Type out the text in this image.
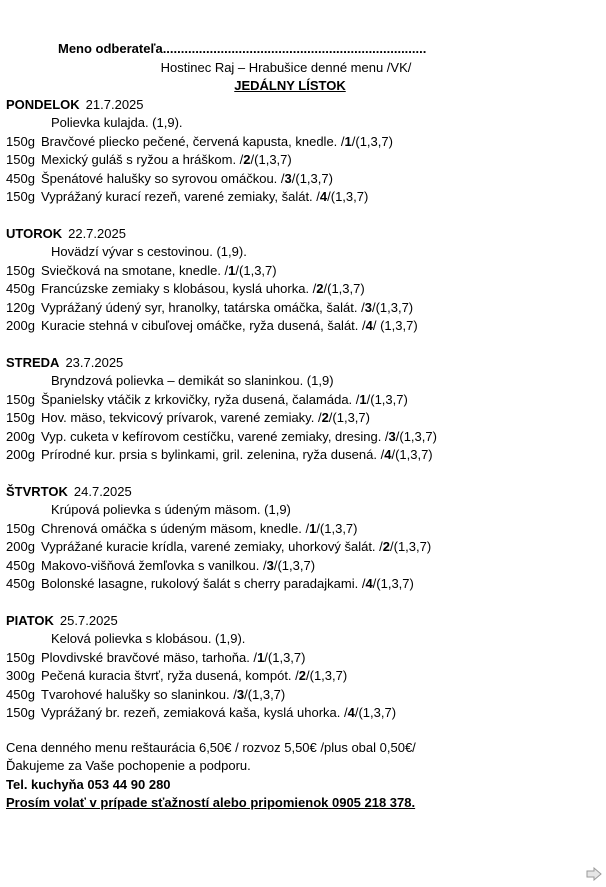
Meno odberateľa.........................................................................
Hostinec Raj – Hrabušice denné menu /VK/
JEDÁLNY LÍSTOK
PONDELOK 21.7.2025
Polievka kulajda. (1,9).
150g Bravčové pliecko pečené, červená kapusta, knedle. /1/(1,3,7)
150g Mexický guláš s ryžou a hráškom. /2/(1,3,7)
450g Špenátové halušky so syrovou omáčkou. /3/(1,3,7)
150g Vyprážaný kurací rezeň, varené zemiaky, šalát. /4/(1,3,7)
UTOROK 22.7.2025
Hovädzí vývar s cestovinou. (1,9).
150g Sviečková na smotane, knedle. /1/(1,3,7)
450g Francúzske zemiaky s klobásou, kyslá uhorka. /2/(1,3,7)
120g Vyprážaný údený syr, hranolky, tatárska omáčka, šalát. /3/(1,3,7)
200g Kuracie stehná v cibuľovej omáčke, ryža dusená, šalát. /4/ (1,3,7)
STREDA 23.7.2025
Bryndzová polievka – demikát so slaninkou. (1,9)
150g Španielsky vtáčik z krkovičky, ryža dusená, čalamáda. /1/(1,3,7)
150g Hov. mäso, tekvicový prívarok, varené zemiaky. /2/(1,3,7)
200g Vyp. cuketa v kefírovom cestíčku, varené zemiaky, dresing. /3/(1,3,7)
200g Prírodné kur. prsia s bylinkami, gril. zelenina, ryža dusená. /4/(1,3,7)
ŠTVRTOK 24.7.2025
Krúpová polievka s údeným mäsom. (1,9)
150g Chrenová omáčka s údeným mäsom, knedle. /1/(1,3,7)
200g Vyprážané kuracie krídla, varené zemiaky, uhorkový šalát. /2/(1,3,7)
450g Makovo-višňová žemľovka s vanilkou. /3/(1,3,7)
450g Bolonské lasagne, rukolový šalát s cherry paradajkami. /4/(1,3,7)
PIATOK 25.7.2025
Kelová polievka s klobásou. (1,9).
150g Plovdivské bravčové mäso, tarhoňa. /1/(1,3,7)
300g Pečená kuracia štvrť, ryža dusená, kompót. /2/(1,3,7)
450g Tvarohové halušky so slaninkou. /3/(1,3,7)
150g Vyprážaný br. rezeň, zemiaková kaša, kyslá uhorka. /4/(1,3,7)
Cena denného menu reštaurácia 6,50€ / rozvoz 5,50€ /plus obal 0,50€/
Ďakujeme za Vaše pochopenie a podporu.
Tel. kuchyňa 053 44 90 280
Prosím volať v prípade sťažností alebo pripomienok 0905 218 378.
